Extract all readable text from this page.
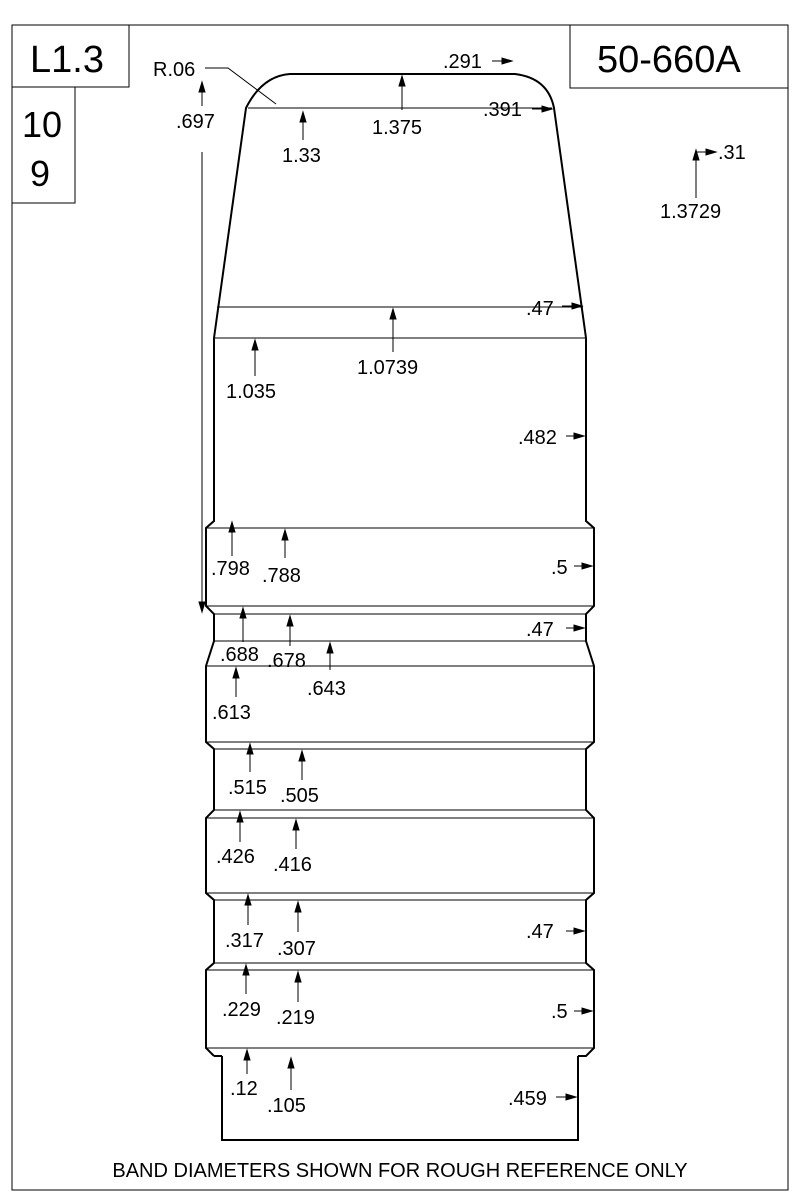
L1.3
10
9
50-660A
R.06
.697
1.33
1.375
.291
.391
.31
1.3729
.47
1.0739
1.035
.482
.798 .788	.5
.47
.688 .678
.643
.613
.515 .505
.426 .416
.317 .307
.47
.229 .219	.5
.12
.105	.459
BAND DIAMETERS SHOWN FOR ROUGH REFERENCE ONLY
